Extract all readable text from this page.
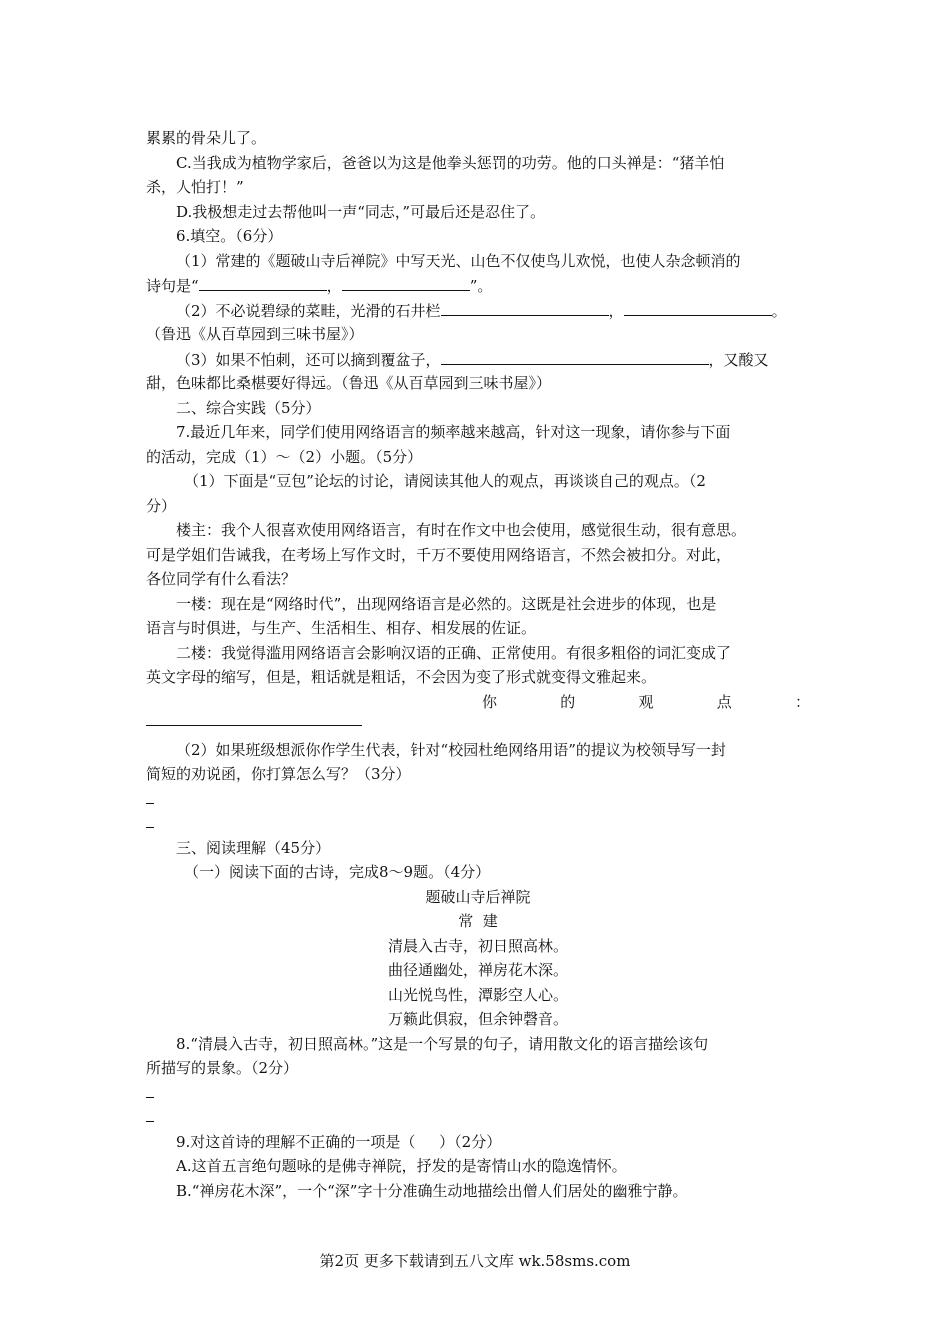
累累的骨朵儿了。
C.当我成为植物学家后，爸爸以为这是他拳头惩罚的功劳。他的口头禅是：“猪羊怕
杀，人怕打！”
D.我极想走过去帮他叫一声“同志，”可最后还是忍住了。
6.填空。（6分）
（1）常建的《题破山寺后禅院》中写天光、山色不仅使鸟儿欢悦，也使人杂念顿消的
诗句是“	，	”。
（2）不必说碧绿的菜畦，光滑的石井栏	，	。
（鲁迅《从百草园到三味书屋》）
（3）如果不怕刺，还可以摘到覆盆子，	，又酸又
甜，色味都比桑椹要好得远。（鲁迅《从百草园到三味书屋》）
二、综合实践（5分）
7.最近几年来，同学们使用网络语言的频率越来越高，针对这一现象，请你参与下面
的活动，完成（1）～（2）小题。（5分）
（1）下面是“豆包”论坛的讨论，请阅读其他人的观点，再谈谈自己的观点。（2
分）
楼主：我个人很喜欢使用网络语言，有时在作文中也会使用，感觉很生动，很有意思。
可是学姐们告诫我，在考场上写作文时，千万不要使用网络语言，不然会被扣分。对此，
各位同学有什么看法？
一楼：现在是“网络时代”，出现网络语言是必然的。这既是社会进步的体现，也是
语言与时俱进，与生产、生活相生、相存、相发展的佐证。
二楼：我觉得滥用网络语言会影响汉语的正确、正常使用。有很多粗俗的词汇变成了
英文字母的缩写，但是，粗话就是粗话，不会因为变了形式就变得文雅起来。
你	的	观	点	：
（2）如果班级想派你作学生代表，针对“校园杜绝网络用语”的提议为校领导写一封
简短的劝说函，你打算怎么写？（3分）
三、阅读理解（45分）
（一）阅读下面的古诗，完成8～9题。（4分）
题破山寺后禅院
常  建
清晨入古寺，初日照高林。
曲径通幽处，禅房花木深。
山光悦鸟性，潭影空人心。
万籁此俱寂，但余钟磬音。
8.“清晨入古寺，初日照高林。”这是一个写景的句子，请用散文化的语言描绘该句
所描写的景象。（2分）
9.对这首诗的理解不正确的一项是（     ）（2分）
A.这首五言绝句题咏的是佛寺禅院，抒发的是寄情山水的隐逸情怀。
B.“禅房花木深”，一个“深”字十分准确生动地描绘出僧人们居处的幽雅宁静。
第2页 更多下载请到五八文库 wk.58sms.com
